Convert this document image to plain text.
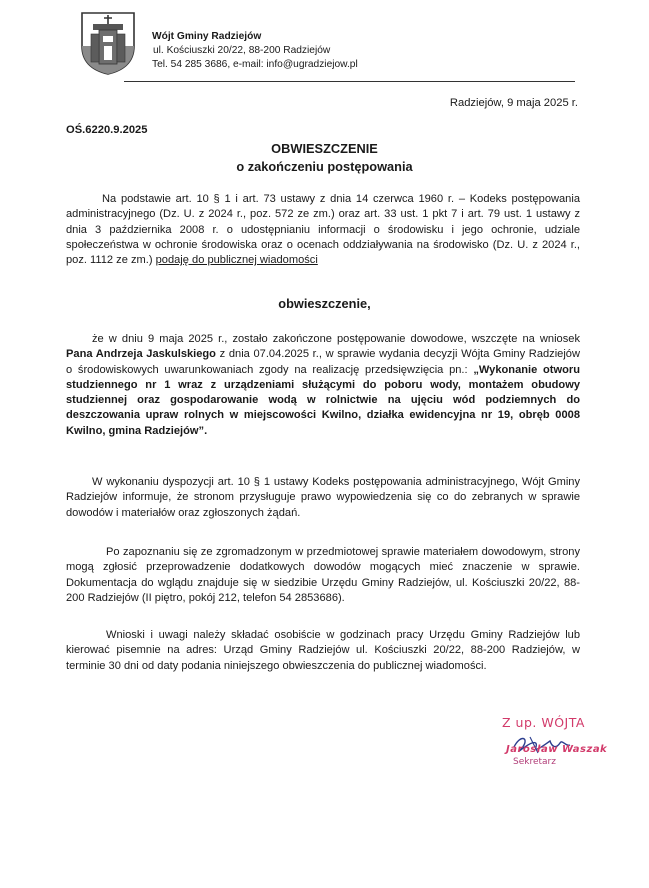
Wójt Gminy Radziejów
ul. Kościuszki 20/22, 88-200 Radziejów
Tel. 54 285 3686, e-mail: info@ugradziejow.pl
Radziejów, 9 maja 2025 r.
OŚ.6220.9.2025
OBWIESZCZENIE
o zakończeniu postępowania
Na podstawie art. 10 § 1 i art. 73 ustawy z dnia 14 czerwca 1960 r. – Kodeks postępowania administracyjnego (Dz. U. z 2024 r., poz. 572 ze zm.) oraz art. 33 ust. 1 pkt 7 i art. 79 ust. 1 ustawy z dnia 3 października 2008 r. o udostępnianiu informacji o środowisku i jego ochronie, udziale społeczeństwa w ochronie środowiska oraz o ocenach oddziaływania na środowisko (Dz. U. z 2024 r., poz. 1112 ze zm.) podaję do publicznej wiadomości
obwieszczenie,
że w dniu 9 maja 2025 r., zostało zakończone postępowanie dowodowe, wszczęte na wniosek Pana Andrzeja Jaskulskiego z dnia 07.04.2025 r., w sprawie wydania decyzji Wójta Gminy Radziejów o środowiskowych uwarunkowaniach zgody na realizację przedsięwzięcia pn.: „Wykonanie otworu studziennego nr 1 wraz z urządzeniami służącymi do poboru wody, montażem obudowy studziennej oraz gospodarowanie wodą w rolnictwie na ujęciu wód podziemnych do deszczowania upraw rolnych w miejscowości Kwilno, działka ewidencyjna nr 19, obręb 0008 Kwilno, gmina Radziejów”.
W wykonaniu dyspozycji art. 10 § 1 ustawy Kodeks postępowania administracyjnego, Wójt Gminy Radziejów informuje, że stronom przysługuje prawo wypowiedzenia się co do zebranych w sprawie dowodów i materiałów oraz zgłoszonych żądań.
Po zapoznaniu się ze zgromadzonym w przedmiotowej sprawie materiałem dowodowym, strony mogą zgłosić przeprowadzenie dodatkowych dowodów mogących mieć znaczenie w sprawie. Dokumentacja do wglądu znajduje się w siedzibie Urzędu Gminy Radziejów, ul. Kościuszki 20/22, 88-200 Radziejów (II piętro, pokój 212, telefon 54 2853686).
Wnioski i uwagi należy składać osobiście w godzinach pracy Urzędu Gminy Radziejów lub kierować pisemnie na adres: Urząd Gminy Radziejów ul. Kościuszki 20/22, 88-200 Radziejów, w terminie 30 dni od daty podania niniejszego obwieszczenia do publicznej wiadomości.
Z up. WÓJTA
Jarosław Waszak
Sekretarz
